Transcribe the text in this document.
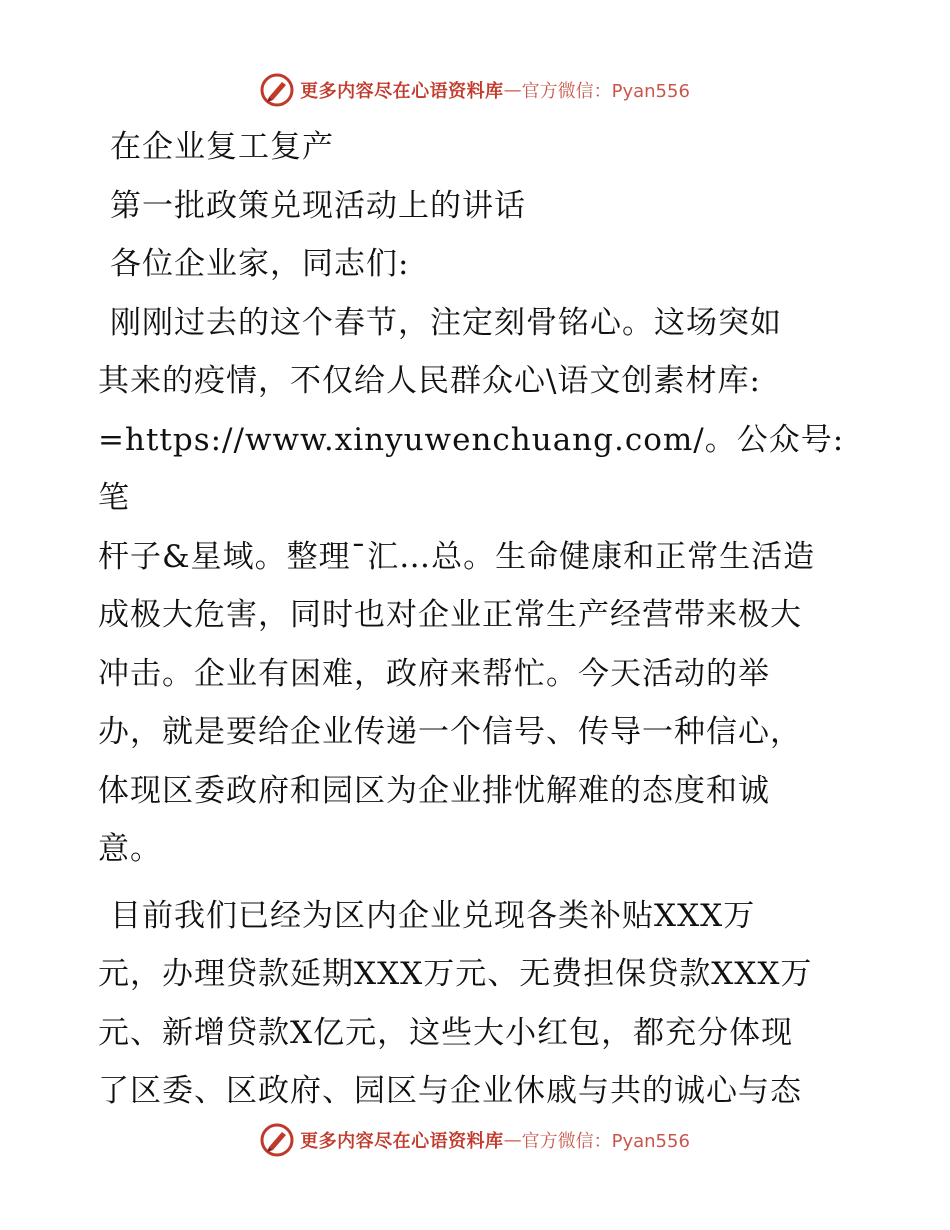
更多内容尽在心语资料库 — 官方微信：Pyan556

在企业复工复产

第一批政策兑现活动上的讲话

各位企业家，同志们:

刚刚过去的这个春节，注定刻骨铭心。这场突如
其来的疫情，不仅给人民群众心\语文创素材库:
=https://www.xinyuwenchuang.com/。公众号: 笔
杆子&星域。整理¯汇…总。生命健康和正常生活造
成极大危害，同时也对企业正常生产经营带来极大
冲击。企业有困难，政府来帮忙。今天活动的举
办，就是要给企业传递一个信号、传导一种信心，
体现区委政府和园区为企业排忧解难的态度和诚
意。

目前我们已经为区内企业兑现各类补贴XXX万
元，办理贷款延期XXX万元、无费担保贷款XXX万
元、新增贷款X亿元，这些大小红包，都充分体现
了区委、区政府、园区与企业休戚与共的诚心与态

更多内容尽在心语资料库 — 官方微信：Pyan556
